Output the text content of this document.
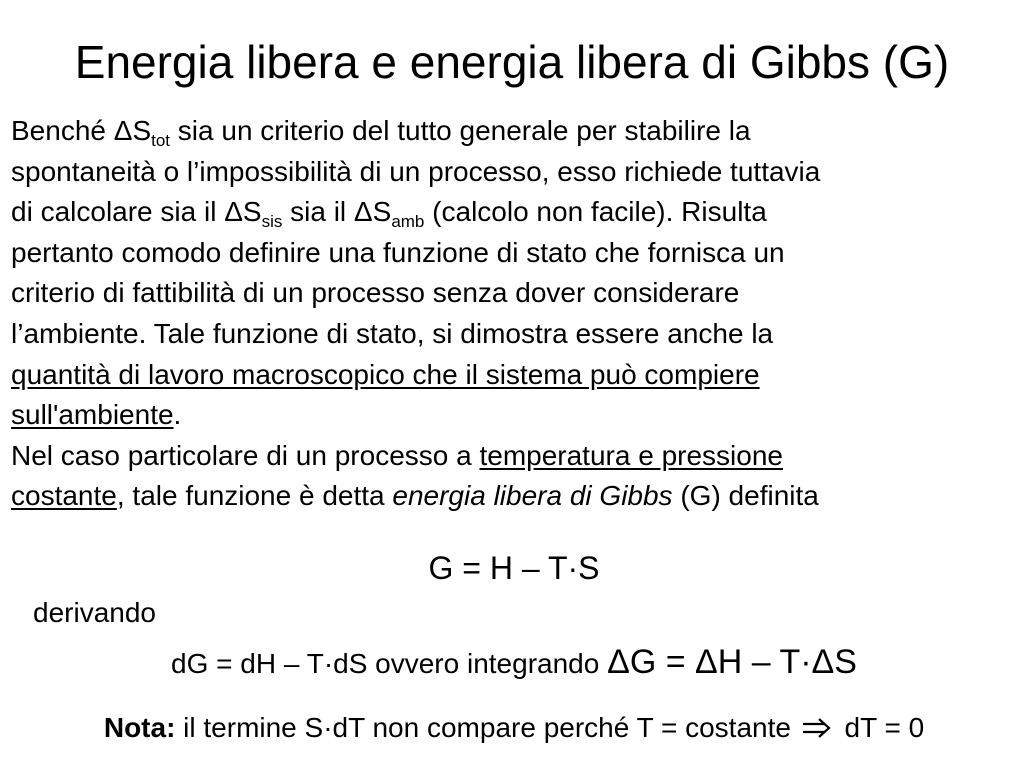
Energia libera e energia libera di Gibbs (G)
Benché $\Delta S_{tot}$ sia un criterio del tutto generale per stabilire la
spontaneità o l’impossibilità di un processo, esso richiede tuttavia
di calcolare sia il $\Delta S_{sis}$ sia il $\Delta S_{amb}$ (calcolo non facile). Risulta
pertanto comodo definire una funzione di stato che fornisca un
criterio di fattibilità di un processo senza dover considerare
l’ambiente. Tale funzione di stato, si dimostra essere anche la
quantità di lavoro macroscopico che il sistema può compiere
sull'ambiente.
Nel caso particolare di un processo a temperatura e pressione
costante, tale funzione è detta energia libera di Gibbs (G) definita
G = H – T·S
derivando
dG = dH – T·dS ovvero integrando ΔG = ΔH – T·ΔS
Nota: il termine S·dT non compare perché T = costante  dT = 0
